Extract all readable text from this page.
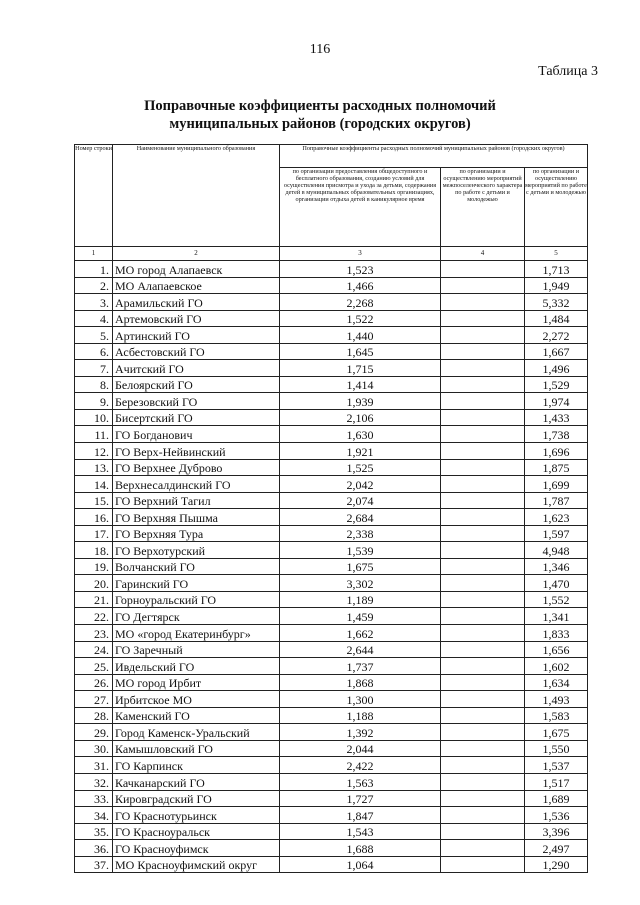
116
Таблица 3
Поправочные коэффициенты расходных полномочий
муниципальных районов (городских округов)
Номер строки	Наименование муниципального образования	Поправочные коэффициенты расходных полномочий муниципальных районов (городских округов)		
		по организации предоставления общедоступного и бесплатного образования, созданию условий для осуществления присмотра и ухода за детьми, содержания детей в муниципальных образовательных организациях, организации отдыха детей в каникулярное время	по организации и осуществлению мероприятий межпоселенческого характера по работе с детьми и молодежью	по организации и осуществлению мероприятий по работе с детьми и молодежью
1	2	3	4	5
1.	МО город Алапаевск	1,523		1,713
2.	МО Алапаевское	1,466		1,949
3.	Арамильский ГО	2,268		5,332
4.	Артемовский ГО	1,522		1,484
5.	Артинский ГО	1,440		2,272
6.	Асбестовский ГО	1,645		1,667
7.	Ачитский ГО	1,715		1,496
8.	Белоярский ГО	1,414		1,529
9.	Березовский ГО	1,939		1,974
10.	Бисертский ГО	2,106		1,433
11.	ГО Богданович	1,630		1,738
12.	ГО Верх-Нейвинский	1,921		1,696
13.	ГО Верхнее Дуброво	1,525		1,875
14.	Верхнесалдинский ГО	2,042		1,699
15.	ГО Верхний Тагил	2,074		1,787
16.	ГО Верхняя Пышма	2,684		1,623
17.	ГО Верхняя Тура	2,338		1,597
18.	ГО Верхотурский	1,539		4,948
19.	Волчанский ГО	1,675		1,346
20.	Гаринский ГО	3,302		1,470
21.	Горноуральский ГО	1,189		1,552
22.	ГО Дегтярск	1,459		1,341
23.	МО «город Екатеринбург»	1,662		1,833
24.	ГО Заречный	2,644		1,656
25.	Ивдельский ГО	1,737		1,602
26.	МО город Ирбит	1,868		1,634
27.	Ирбитское МО	1,300		1,493
28.	Каменский ГО	1,188		1,583
29.	Город Каменск-Уральский	1,392		1,675
30.	Камышловский ГО	2,044		1,550
31.	ГО Карпинск	2,422		1,537
32.	Качканарский ГО	1,563		1,517
33.	Кировградский ГО	1,727		1,689
34.	ГО Краснотурьинск	1,847		1,536
35.	ГО Красноуральск	1,543		3,396
36.	ГО Красноуфимск	1,688		2,497
37.	МО Красноуфимский округ	1,064		1,290
